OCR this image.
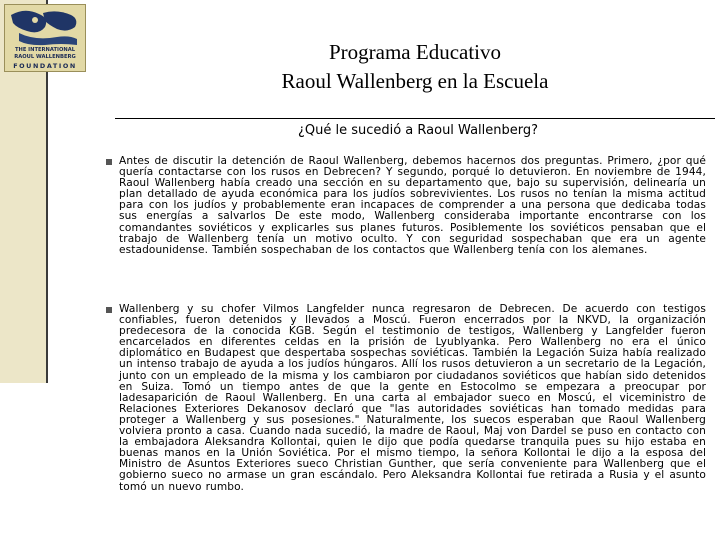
THE INTERNATIONAL
RAOUL WALLENBERG
FOUNDATION
Programa Educativo
Raoul Wallenberg en la Escuela
¿Qué le sucedió a Raoul Wallenberg?
Antes de discutir la detención de Raoul Wallenberg, debemos hacernos dos preguntas. Primero, ¿por qué quería contactarse con los rusos en Debrecen? Y segundo, porqué lo detuvieron. En noviembre de 1944, Raoul Wallenberg había creado una sección en su departamento que, bajo su supervisión, delinearía un plan detallado de ayuda económica para los judíos sobrevivientes. Los rusos no tenían la misma actitud para con los judíos y probablemente eran incapaces de comprender a una persona que dedicaba todas sus energías a salvarlos De este modo, Wallenberg consideraba importante encontrarse con los comandantes soviéticos y explicarles sus planes futuros. Posiblemente los soviéticos pensaban que el trabajo de Wallenberg tenía un motivo oculto. Y con seguridad sospechaban que era un agente estadounidense. También sospechaban de los contactos que Wallenberg tenía con los alemanes.
Wallenberg y su chofer Vilmos Langfelder nunca regresaron de Debrecen. De acuerdo con testigos confiables, fueron detenidos y llevados a Moscú. Fueron encerrados por la NKVD, la organización predecesora de la conocida KGB. Según el testimonio de testigos, Wallenberg y Langfelder fueron encarcelados en diferentes celdas en la prisión de Lyublyanka. Pero Wallenberg no era el único diplomático en Budapest que despertaba sospechas soviéticas. También la Legación Suiza había realizado un intenso trabajo de ayuda a los judíos húngaros. Allí los rusos detuvieron a un secretario de la Legación, junto con un empleado de la misma y los cambiaron por ciudadanos soviéticos que habían sido detenidos en Suiza. Tomó un tiempo antes de que la gente en Estocolmo se empezara a preocupar por ladesaparición de Raoul Wallenberg. En una carta al embajador sueco en Moscú, el viceministro de Relaciones Exteriores Dekanosov declaró que "las autoridades soviéticas han tomado medidas para proteger a Wallenberg y sus posesiones." Naturalmente, los suecos esperaban que Raoul Wallenberg volviera pronto a casa. Cuando nada sucedió, la madre de Raoul, Maj von Dardel se puso en contacto con la embajadora Aleksandra Kollontai, quien le dijo que podía quedarse tranquila pues su hijo estaba en buenas manos en la Unión Soviética. Por el mismo tiempo, la señora Kollontai le dijo a la esposa del Ministro de Asuntos Exteriores sueco Christian Gunther, que sería conveniente para Wallenberg que el gobierno sueco no armase un gran escándalo. Pero Aleksandra Kollontai fue retirada a Rusia y el asunto tomó un nuevo rumbo.
